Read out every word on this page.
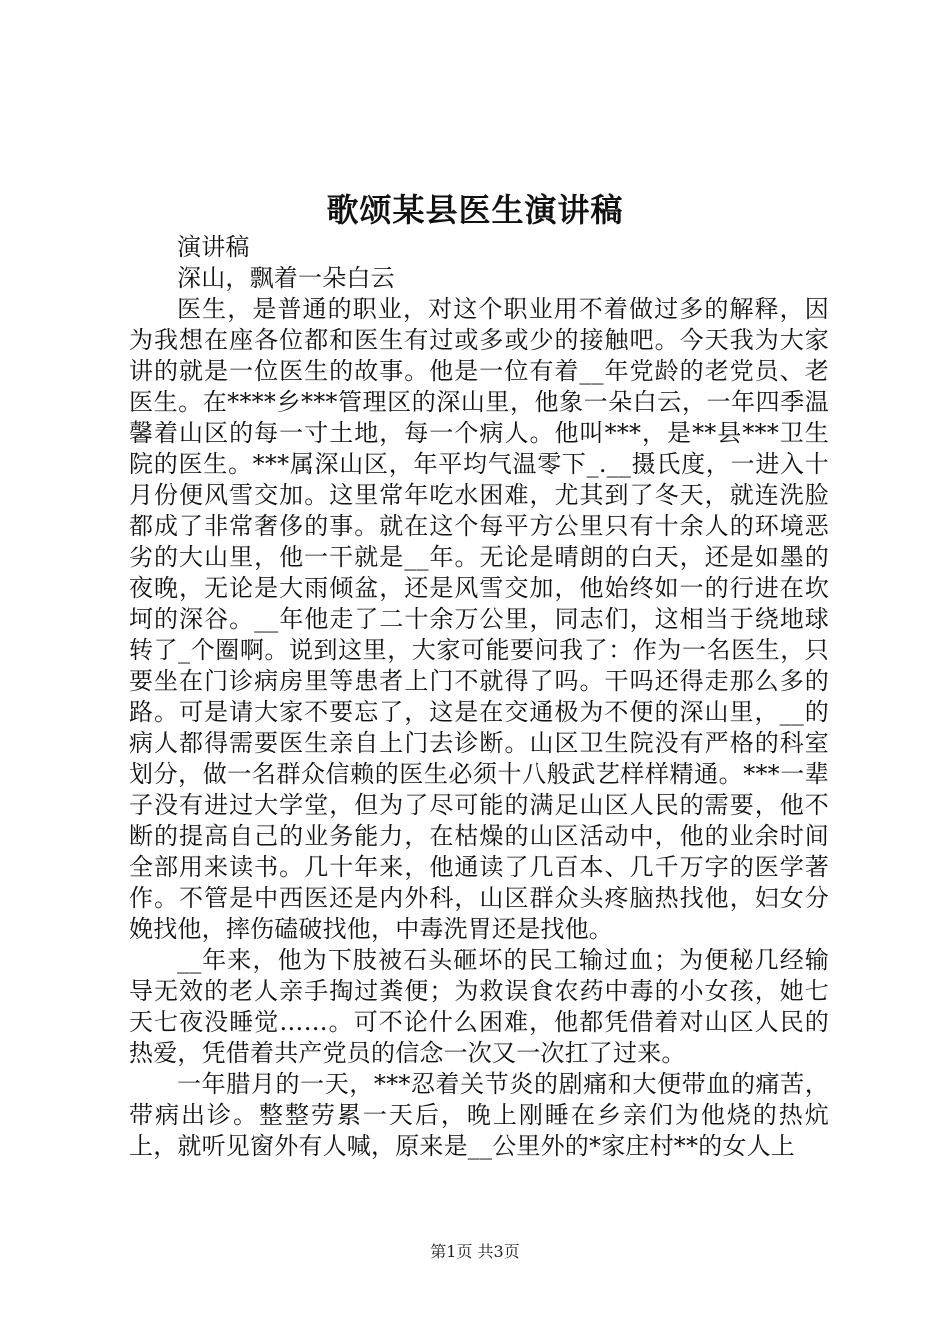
歌颂某县医生演讲稿

演讲稿

深山，飘着一朵白云

医生，是普通的职业，对这个职业用不着做过多的解释，因为我想在座各位都和医生有过或多或少的接触吧。今天我为大家讲的就是一位医生的故事。他是一位有着__年党龄的老党员、老医生。在****乡***管理区的深山里，他象一朵白云，一年四季温馨着山区的每一寸土地，每一个病人。他叫***，是**县***卫生院的医生。***属深山区，年平均气温零下_.__摄氏度，一进入十月份便风雪交加。这里常年吃水困难，尤其到了冬天，就连洗脸都成了非常奢侈的事。就在这个每平方公里只有十余人的环境恶劣的大山里，他一干就是__年。无论是晴朗的白天，还是如墨的夜晚，无论是大雨倾盆，还是风雪交加，他始终如一的行进在坎坷的深谷。__年他走了二十余万公里，同志们，这相当于绕地球转了_个圈啊。说到这里，大家可能要问我了：作为一名医生，只要坐在门诊病房里等患者上门不就得了吗。干吗还得走那么多的路。可是请大家不要忘了，这是在交通极为不便的深山里，__的病人都得需要医生亲自上门去诊断。山区卫生院没有严格的科室划分，做一名群众信赖的医生必须十八般武艺样样精通。***一辈子没有进过大学堂，但为了尽可能的满足山区人民的需要，他不断的提高自己的业务能力，在枯燥的山区活动中，他的业余时间全部用来读书。几十年来，他通读了几百本、几千万字的医学著作。不管是中西医还是内外科，山区群众头疼脑热找他，妇女分娩找他，摔伤磕破找他，中毒洗胃还是找他。

__年来，他为下肢被石头砸坏的民工输过血；为便秘几经输导无效的老人亲手掏过粪便；为救误食农药中毒的小女孩，她七天七夜没睡觉……。可不论什么困难，他都凭借着对山区人民的热爱，凭借着共产党员的信念一次又一次扛了过来。

一年腊月的一天，***忍着关节炎的剧痛和大便带血的痛苦，带病出诊。整整劳累一天后，晚上刚睡在乡亲们为他烧的热炕上，就听见窗外有人喊，原来是__公里外的*家庄村**的女人上

第1页 共3页
